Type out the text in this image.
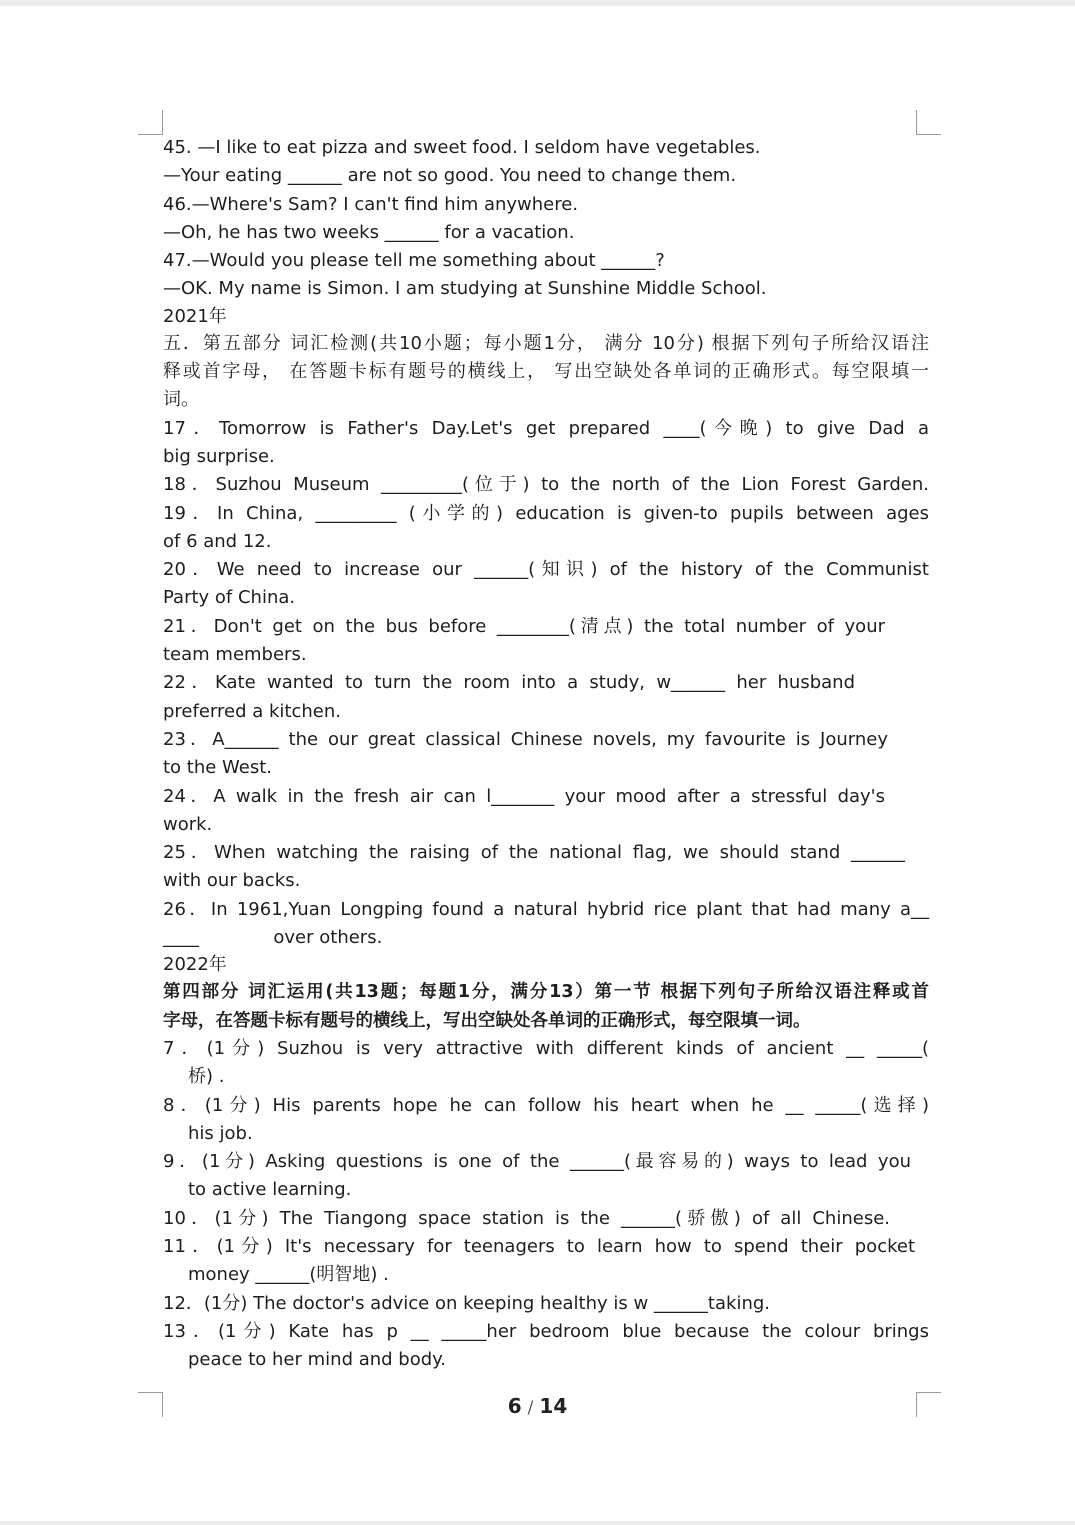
45. —I like to eat pizza and sweet food. I seldom have vegetables.
—Your eating ______ are not so good. You need to change them.
46.—Where's Sam? I can't find him anywhere.
—Oh, he has two weeks ______ for a vacation.
47.—Would you please tell me something about ______?
—OK. My name is Simon. I am studying at Sunshine Middle School.
2021年
五．第五部分 词汇检测(共10小题；每小题1分， 满分 10分) 根据下列句子所给汉语注
释或首字母， 在答题卡标有题号的横线上， 写出空缺处各单词的正确形式。每空限填一
词。
17．Tomorrow is Father's Day.Let's get prepared ____(今晚) to give Dad a
big surprise.
18．Suzhou Museum _________(位于) to the north of the Lion Forest Garden.
19．In China, _________ (小学的) education is given-to pupils between ages
of 6 and 12.
20．We need to increase our ______(知识) of the history of the Communist
Party of China.
21．Don't get on the bus before ________(清点) the total number of your
team members.
22．Kate wanted to turn the room into a study, w______ her husband
preferred a kitchen.
23．A______ the our great classical Chinese novels, my favourite is Journey
to the West.
24．A walk in the fresh air can l_______ your mood after a stressful day's
work.
25．When watching the raising of the national flag, we should stand ______
with our backs.
26．In 1961,Yuan Longping found a natural hybrid rice plant that had many a__
____             over others.
2022年
第四部分 词汇运用(共13题；每题1分，满分13）第一节 根据下列句子所给汉语注释或首
字母，在答题卡标有题号的横线上，写出空缺处各单词的正确形式，每空限填一词。
7．(1分) Suzhou is very attractive with different kinds of ancient __ _____(
桥) .
8．(1分) His parents hope he can follow his heart when he __ _____(选择)
his job.
9．(1分) Asking questions is one of the ______(最容易的) ways to lead you
to active learning.
10．(1分) The Tiangong space station is the ______(骄傲) of all Chinese.
11．(1分) It's necessary for teenagers to learn how to spend their pocket
money ______(明智地) .
12．(1分) The doctor's advice on keeping healthy is w ______taking.
13．(1分) Kate has p __ _____her bedroom blue because the colour brings
peace to her mind and body.
6 / 14
